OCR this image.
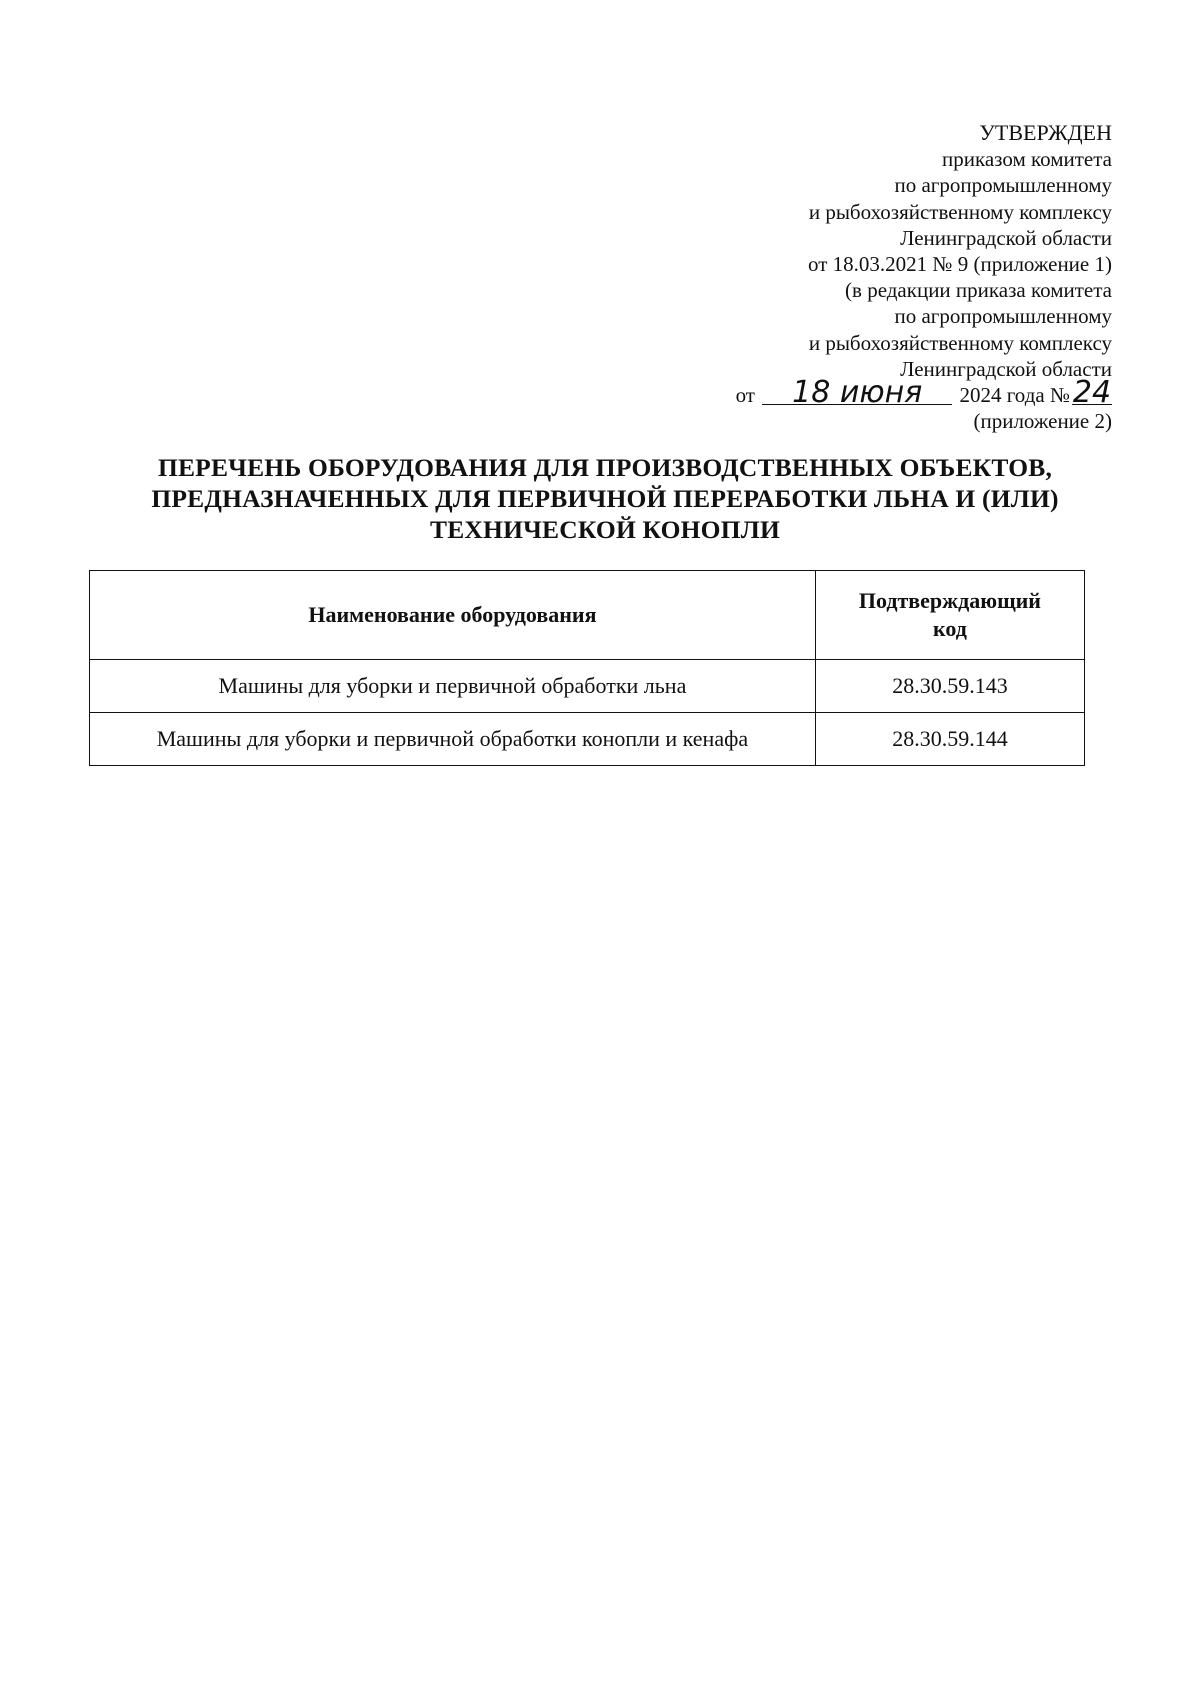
УТВЕРЖДЕН
приказом комитета
по агропромышленному
и рыбохозяйственному комплексу
Ленинградской области
от 18.03.2021 № 9 (приложение 1)
(в редакции приказа комитета
по агропромышленному
и рыбохозяйственному комплексу
Ленинградской области
от 18 июня 2024 года №24
(приложение 2)
ПЕРЕЧЕНЬ ОБОРУДОВАНИЯ ДЛЯ ПРОИЗВОДСТВЕННЫХ ОБЪЕКТОВ,
ПРЕДНАЗНАЧЕННЫХ ДЛЯ ПЕРВИЧНОЙ ПЕРЕРАБОТКИ ЛЬНА И (ИЛИ)
ТЕХНИЧЕСКОЙ КОНОПЛИ
Наименование оборудования	Подтверждающий
код

Машины для уборки и первичной обработки льна	28.30.59.143
Машины для уборки и первичной обработки конопли и кенафа	28.30.59.144
